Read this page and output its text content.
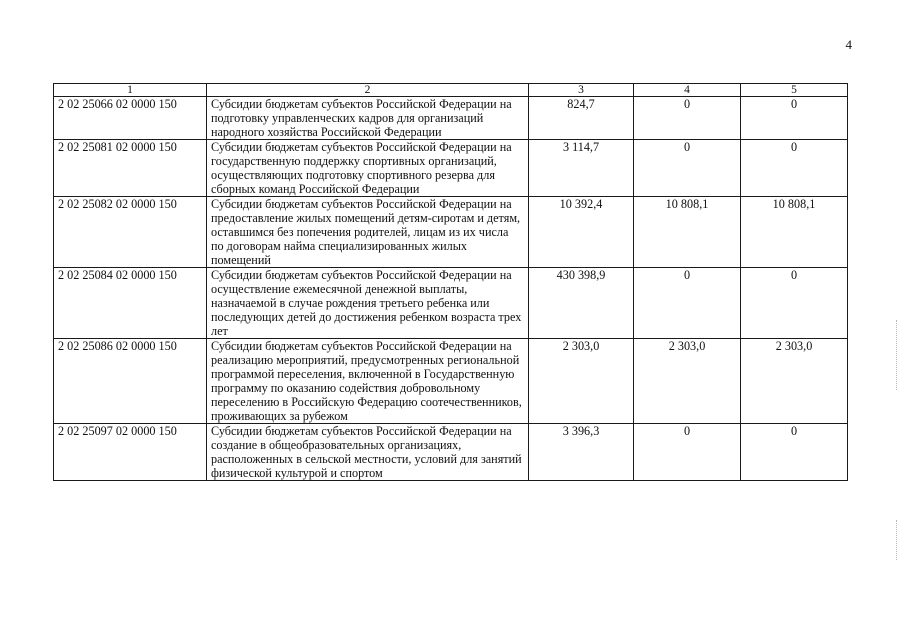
4
1	2	3	4	5
2 02 25066 02 0000 150	Субсидии бюджетам субъектов Российской Федерации на подготовку управленческих кадров для организаций народного хозяйства Российской Федерации	824,7	0	0
2 02 25081 02 0000 150	Субсидии бюджетам субъектов Российской Федерации на государственную поддержку спортивных организаций, осуществляющих подготовку спортивного резерва для сборных команд Российской Федерации	3 114,7	0	0
2 02 25082 02 0000 150	Субсидии бюджетам субъектов Российской Федерации на предоставление жилых помещений детям-сиротам и детям, оставшимся без попечения родителей, лицам из их числа по договорам найма специализированных жилых помещений	10 392,4	10 808,1	10 808,1
2 02 25084 02 0000 150	Субсидии бюджетам субъектов Российской Федерации на осуществление ежемесячной денежной выплаты, назначаемой в случае рождения третьего ребенка или последующих детей до достижения ребенком возраста трех лет	430 398,9	0	0
2 02 25086 02 0000 150	Субсидии бюджетам субъектов Российской Федерации на реализацию мероприятий, предусмотренных региональной программой переселения, включенной в Государственную программу по оказанию содействия добровольному переселению в Российскую Федерацию соотечественников, проживающих за рубежом	2 303,0	2 303,0	2 303,0
2 02 25097 02 0000 150	Субсидии бюджетам субъектов Российской Федерации на создание в общеобразовательных организациях, расположенных в сельской местности, условий для занятий физической культурой и спортом	3 396,3	0	0
